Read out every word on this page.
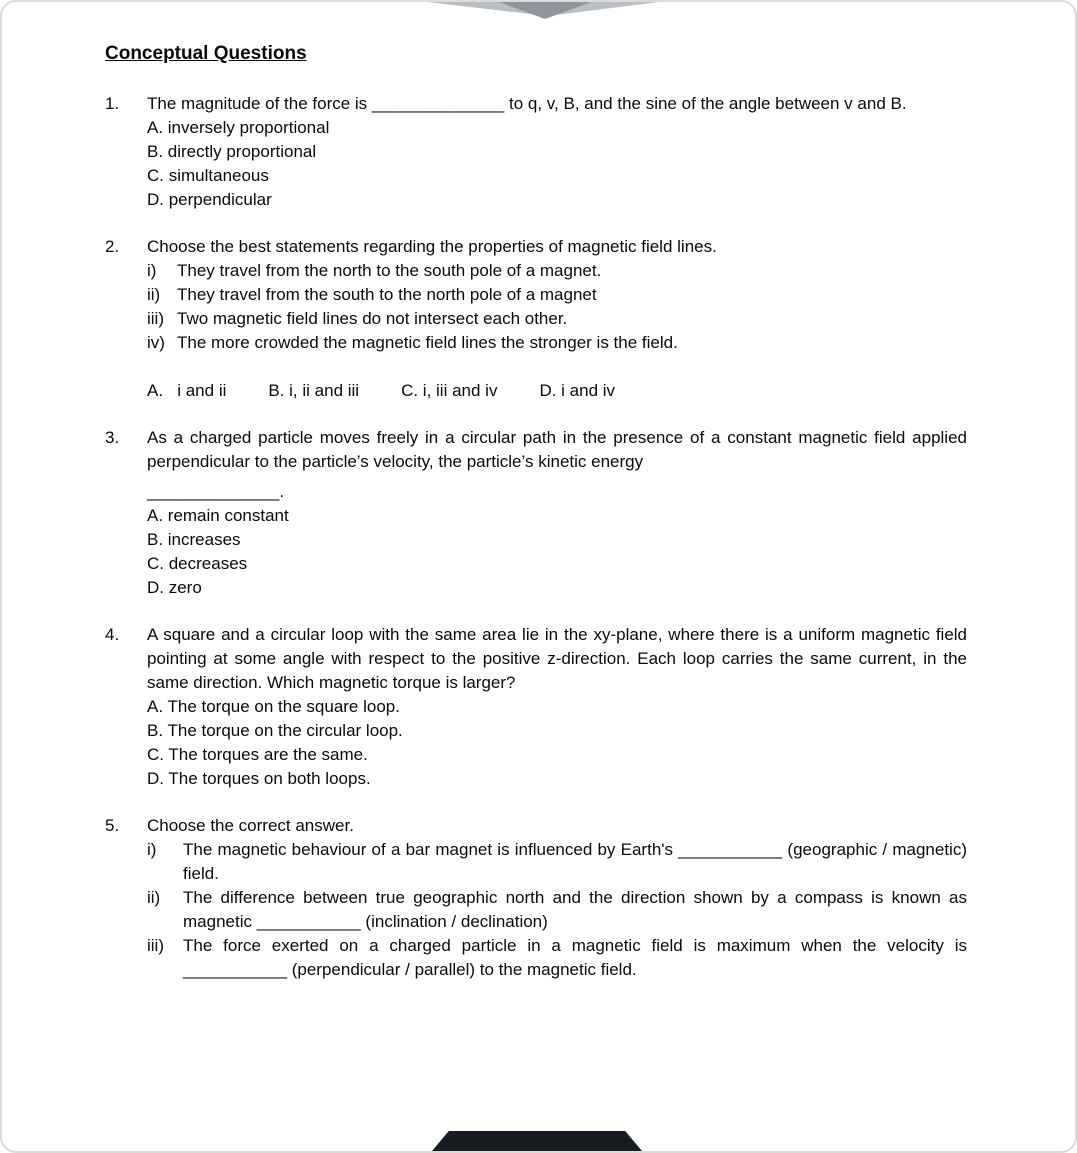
Conceptual Questions
1.	The magnitude of the force is ______________ to q, v, B, and the sine of the angle between v and B.

A. inversely proportional
B. directly proportional
C. simultaneous
D. perpendicular
2.	Choose the best statements regarding the properties of magnetic field lines.

i)	They travel from the north to the south pole of a magnet.
ii) They travel from the south to the north pole of a magnet
iii) Two magnetic field lines do not intersect each other.
iv) The more crowded the magnetic field lines the stronger is the field.
A.   i and ii B. i, ii and iii C. i, iii and iv D. i and iv
3.	As a charged particle moves freely in a circular path in the presence of a constant magnetic field applied perpendicular to the particle’s velocity, the particle’s kinetic energy

______________.

A. remain constant
B. increases
C. decreases
D. zero
4.	A square and a circular loop with the same area lie in the xy-plane, where there is a uniform magnetic field pointing at some angle with respect to the positive z-direction. Each loop carries the same current, in the same direction. Which magnetic torque is larger?

A. The torque on the square loop.
B. The torque on the circular loop.
C. The torques are the same.
D. The torques on both loops.
5.	Choose the correct answer.

i)	The magnetic behaviour of a bar magnet is influenced by Earth's ___________ (geographic / magnetic) field.
ii)	The difference between true geographic north and the direction shown by a compass is known as magnetic ___________ (inclination / declination)
iii)	The force exerted on a charged particle in a magnetic field is maximum when the velocity is ___________ (perpendicular / parallel) to the magnetic field.
